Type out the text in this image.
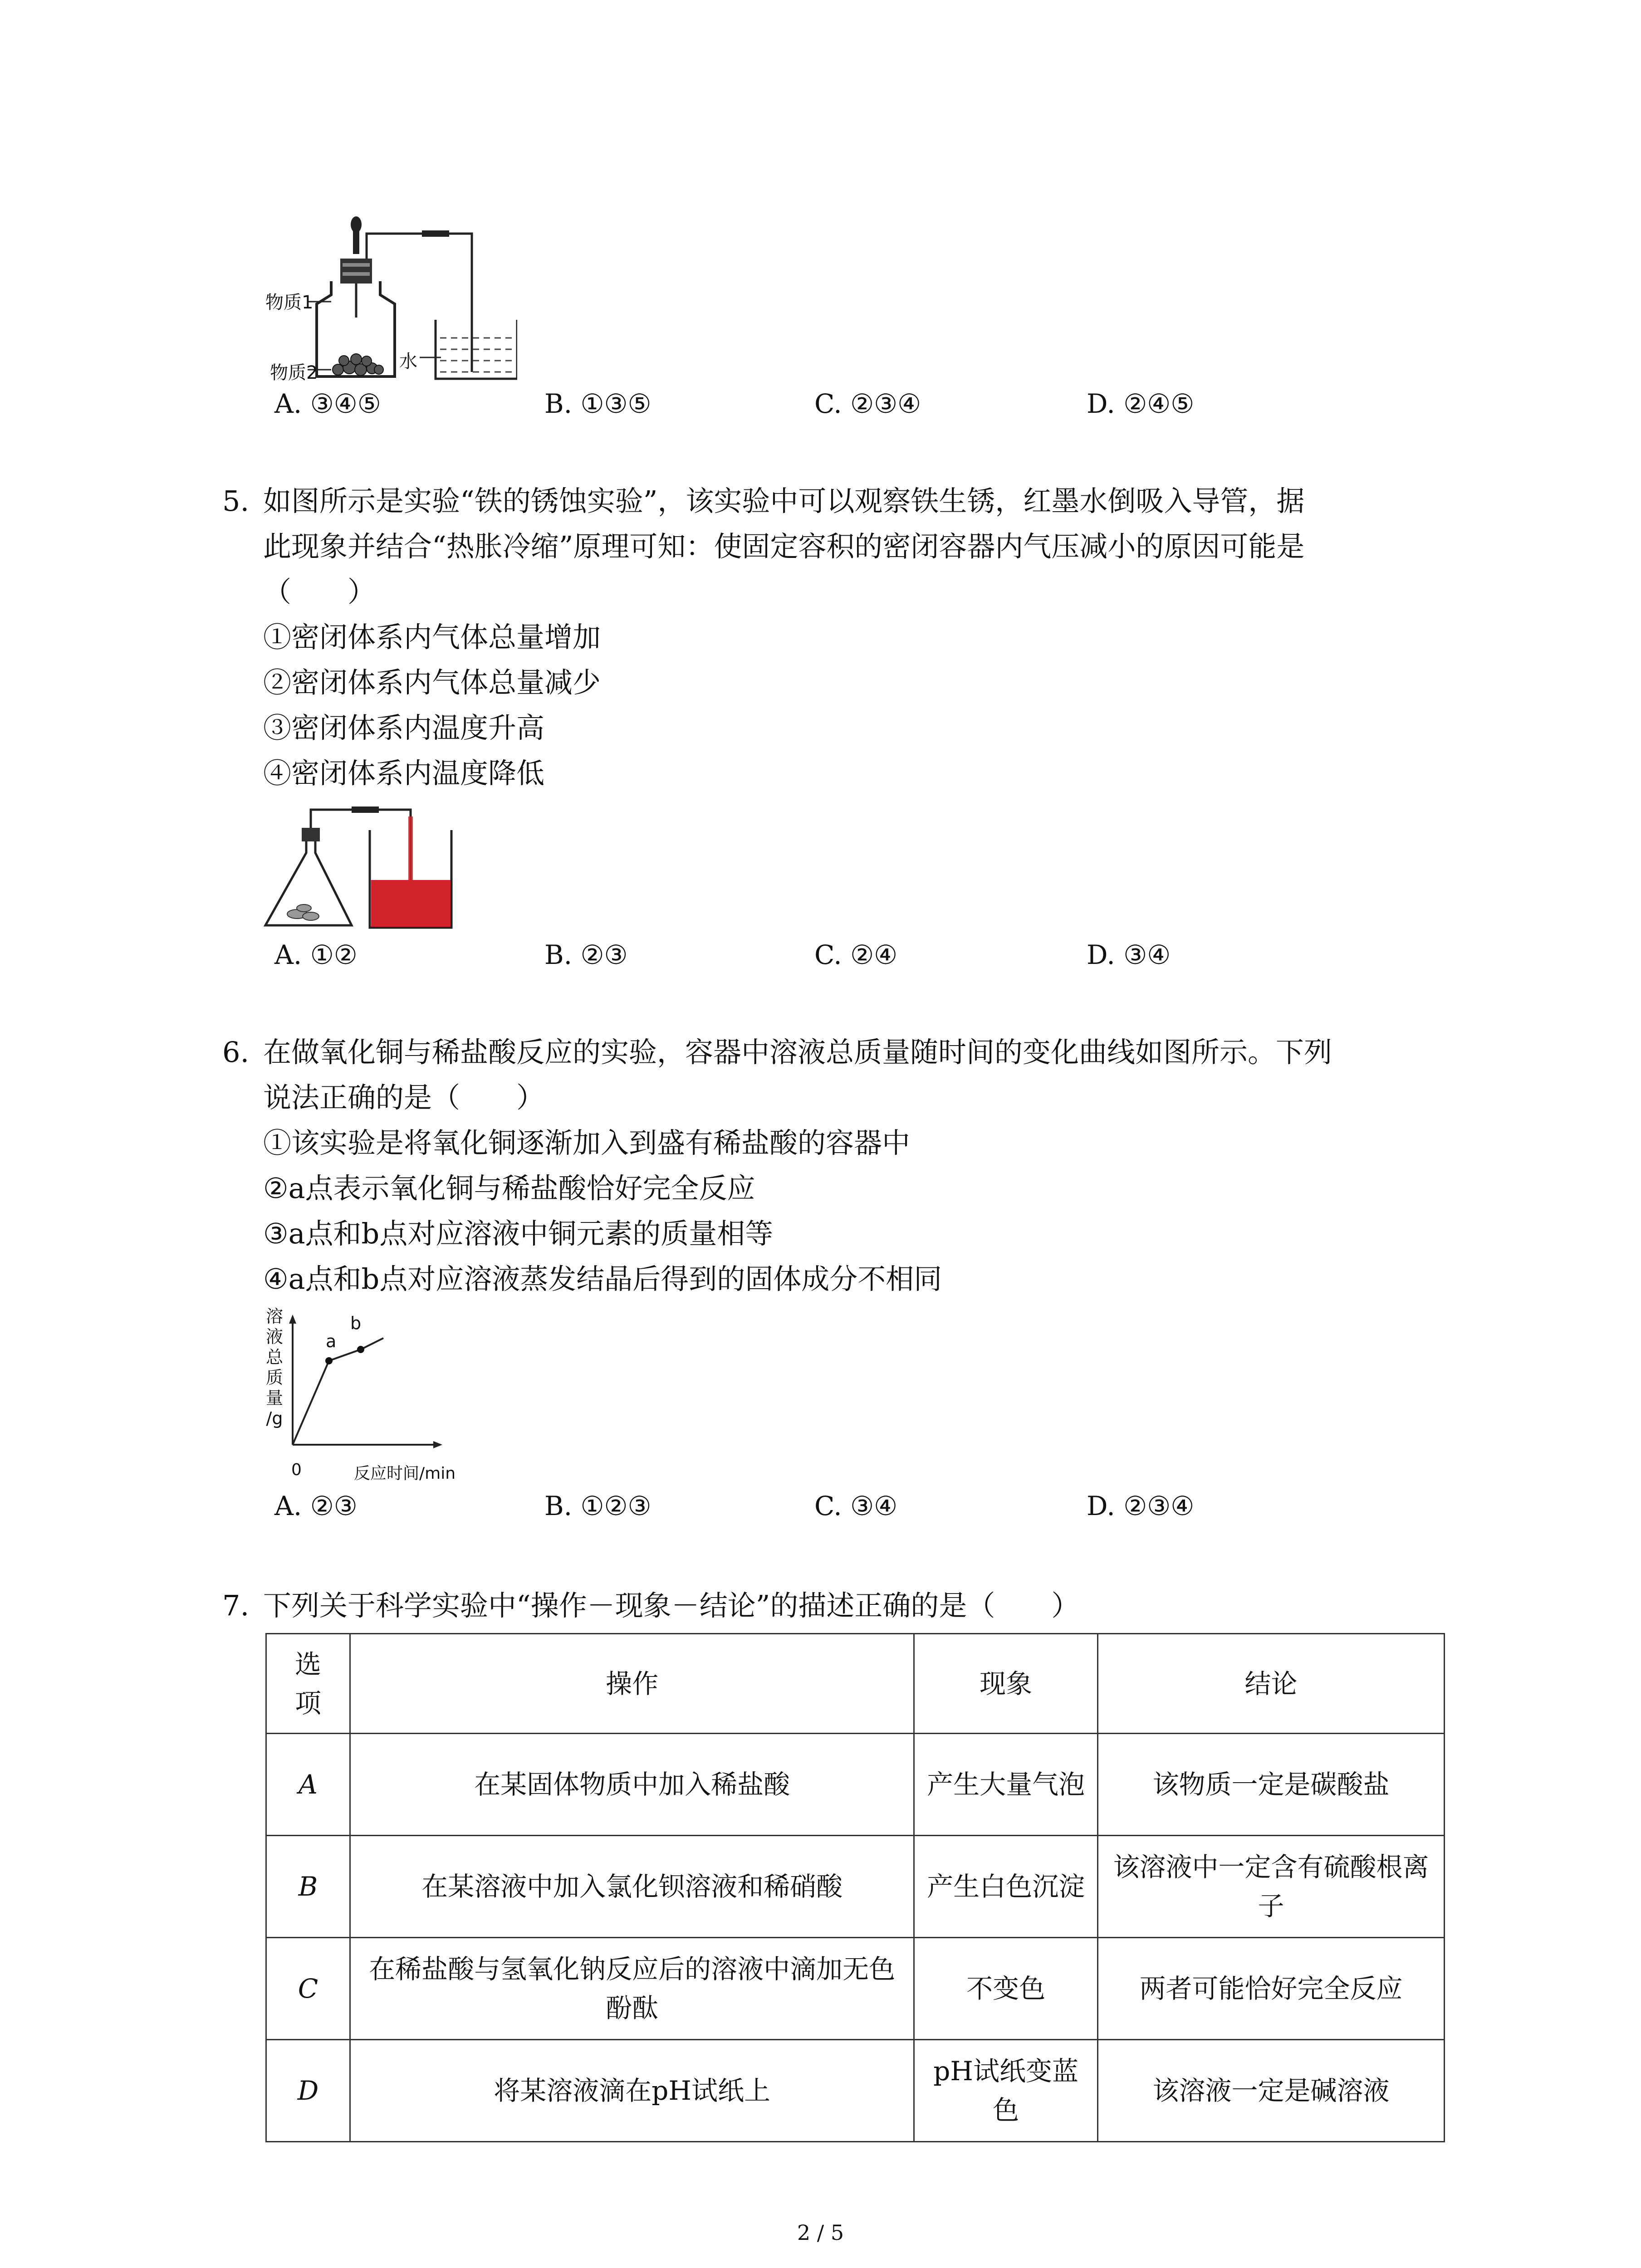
物质1
物质2
水
A. ③④⑤	B. ①③⑤	C. ②③④	D. ②④⑤
5. 如图所示是实验“铁的锈蚀实验”，该实验中可以观察铁生锈，红墨水倒吸入导管，据
此现象并结合“热胀冷缩”原理可知：使固定容积的密闭容器内气压减小的原因可能是
（　　）
①密闭体系内气体总量增加
②密闭体系内气体总量减少
③密闭体系内温度升高
④密闭体系内温度降低
A. ①②	B. ②③	C. ②④	D. ③④
6. 在做氧化铜与稀盐酸反应的实验，容器中溶液总质量随时间的变化曲线如图所示。下列
说法正确的是（　　）
①该实验是将氧化铜逐渐加入到盛有稀盐酸的容器中
②a点表示氧化铜与稀盐酸恰好完全反应
③a点和b点对应溶液中铜元素的质量相等
④a点和b点对应溶液蒸发结晶后得到的固体成分不相同
溶
液
总
质
量
/g
a
b
0	反应时间/min
A. ②③	B. ①②③	C. ③④	D. ②③④
7. 下列关于科学实验中“操作－现象－结论”的描述正确的是（　　）
选项	操作	现象	结论
A	在某固体物质中加入稀盐酸	产生大量气泡	该物质一定是碳酸盐
B	在某溶液中加入氯化钡溶液和稀硝酸	产生白色沉淀	该溶液中一定含有硫酸根离子
C	在稀盐酸与氢氧化钠反应后的溶液中滴加无色酚酞	不变色	两者可能恰好完全反应
D	将某溶液滴在pH试纸上	pH试纸变蓝色	该溶液一定是碱溶液
2 / 5
